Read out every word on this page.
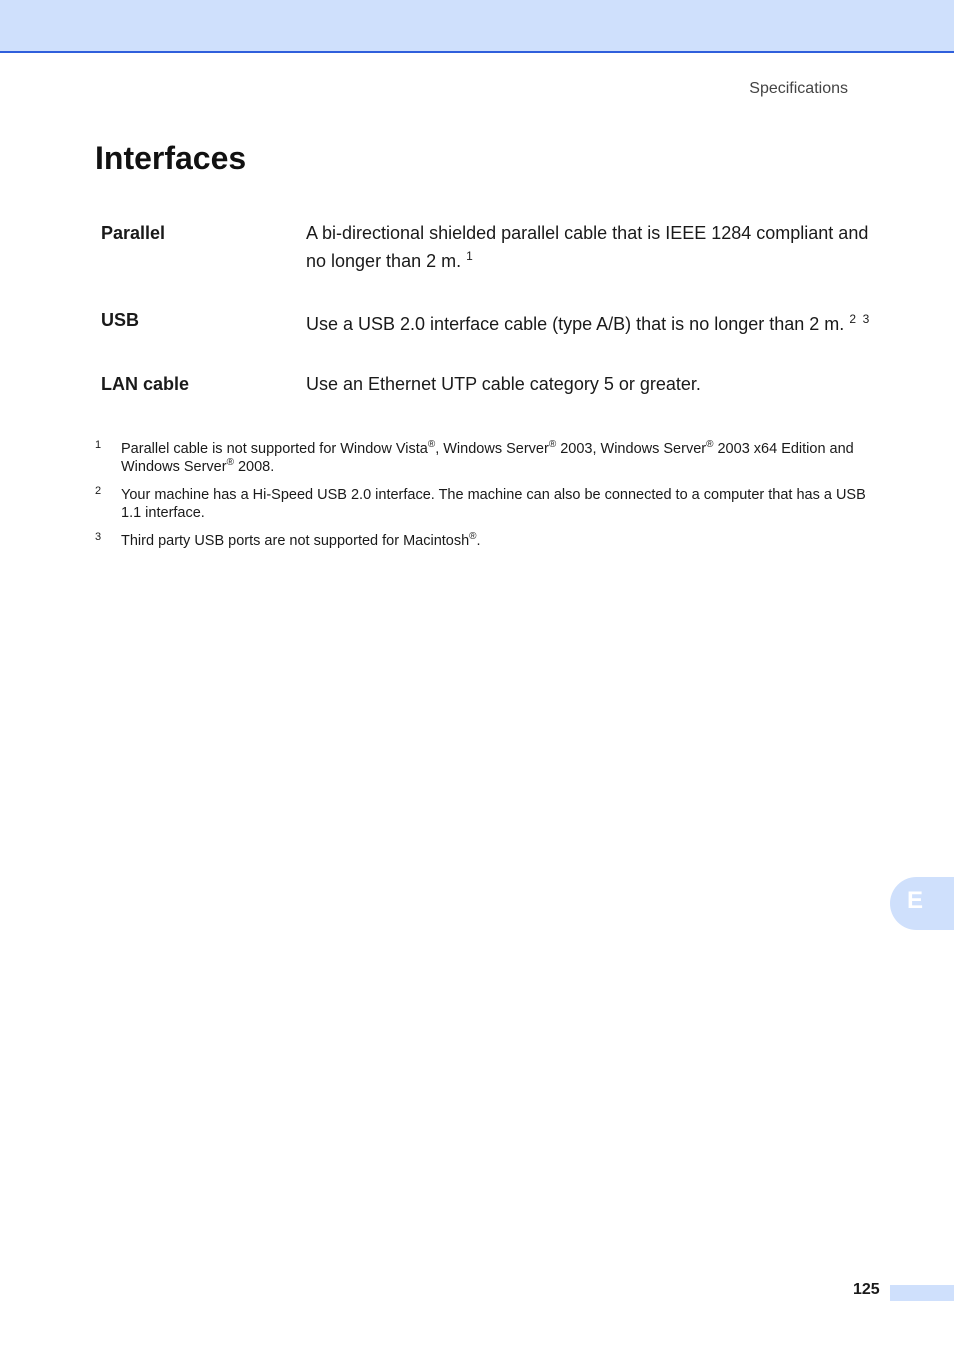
Specifications
Interfaces
Parallel	A bi-directional shielded parallel cable that is IEEE 1284 compliant and no longer than 2 m. $^1$
USB	Use a USB 2.0 interface cable (type A/B) that is no longer than 2 m. $^{2 3}$
LAN cable	Use an Ethernet UTP cable category 5 or greater.
1 Parallel cable is not supported for Window Vista®, Windows Server® 2003, Windows Server® 2003 x64 Edition and Windows Server® 2008.
2 Your machine has a Hi-Speed USB 2.0 interface. The machine can also be connected to a computer that has a USB 1.1 interface.
3 Third party USB ports are not supported for Macintosh®.
E
125
